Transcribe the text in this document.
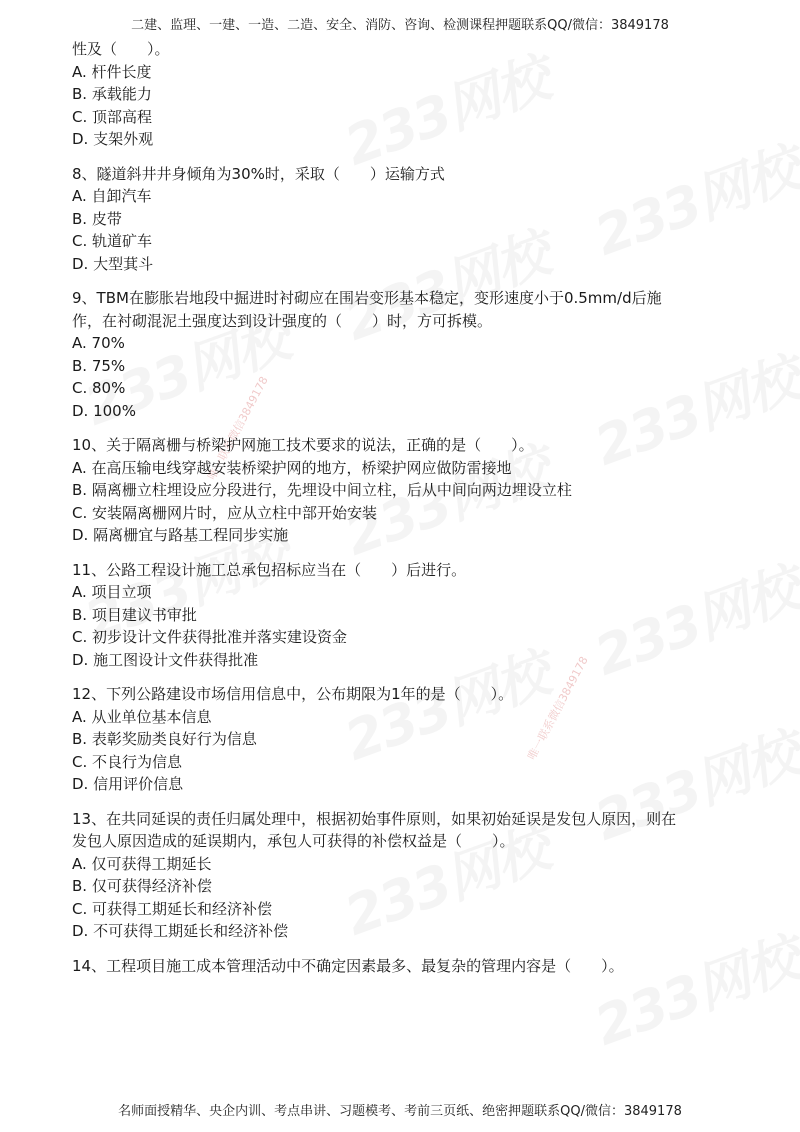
唯一联系微信3849178
唯一联系微信3849178
二建、监理、一建、一造、二造、安全、消防、咨询、检测课程押题联系QQ/微信：3849178

性及（　　）。

A. 杆件长度

B. 承载能力

C. 顶部高程

D. 支架外观

8、隧道斜井井身倾角为30%时，采取（　　）运输方式

A. 自卸汽车

B. 皮带

C. 轨道矿车

D. 大型萁斗

9、TBM在膨胀岩地段中掘进时衬砌应在围岩变形基本稳定，变形速度小于0.5mm/d后施

作，在衬砌混泥土强度达到设计强度的（　　）时，方可拆模。

A. 70%

B. 75%

C. 80%

D. 100%

10、关于隔离栅与桥梁护网施工技术要求的说法，正确的是（　　）。

A. 在高压输电线穿越安装桥梁护网的地方，桥梁护网应做防雷接地

B. 隔离栅立柱埋设应分段进行，先埋设中间立柱，后从中间向两边埋设立柱

C. 安装隔离栅网片时，应从立柱中部开始安装

D. 隔离栅宜与路基工程同步实施

11、公路工程设计施工总承包招标应当在（　　）后进行。

A. 项目立项

B. 项目建议书审批

C. 初步设计文件获得批准并落实建设资金

D. 施工图设计文件获得批准

12、下列公路建设市场信用信息中，公布期限为1年的是（　　）。

A. 从业单位基本信息

B. 表彰奖励类良好行为信息

C. 不良行为信息

D. 信用评价信息

13、在共同延误的责任归属处理中，根据初始事件原则，如果初始延误是发包人原因，则在

发包人原因造成的延误期内，承包人可获得的补偿权益是（　　）。

A. 仅可获得工期延长

B. 仅可获得经济补偿

C. 可获得工期延长和经济补偿

D. 不可获得工期延长和经济补偿

14、工程项目施工成本管理活动中不确定因素最多、最复杂的管理内容是（　　）。

名师面授精华、央企内训、考点串讲、习题模考、考前三页纸、绝密押题联系QQ/微信：3849178
